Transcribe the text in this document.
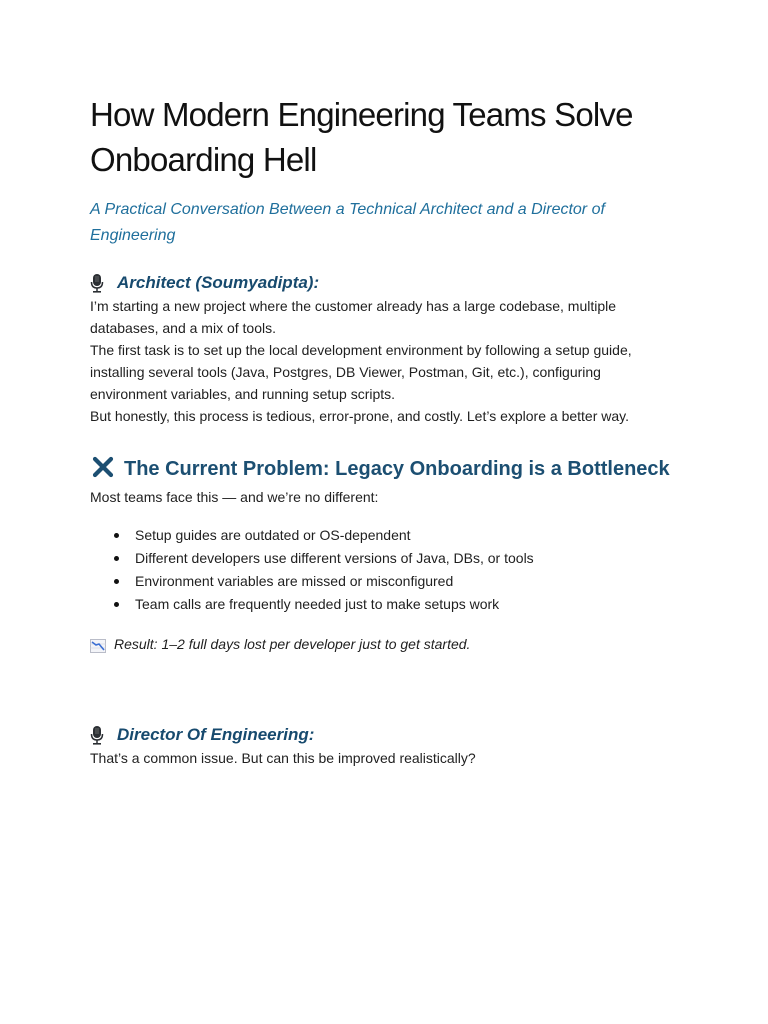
How Modern Engineering Teams Solve Onboarding Hell

A Practical Conversation Between a Technical Architect and a Director of Engineering

Architect (Soumyadipta):

I’m starting a new project where the customer already has a large codebase, multiple databases, and a mix of tools.

The first task is to set up the local development environment by following a setup guide, installing several tools (Java, Postgres, DB Viewer, Postman, Git, etc.), configuring environment variables, and running setup scripts.

But honestly, this process is tedious, error-prone, and costly. Let’s explore a better way.

The Current Problem: Legacy Onboarding is a Bottleneck

Most teams face this — and we’re no different:

Setup guides are outdated or OS-dependent
Different developers use different versions of Java, DBs, or tools
Environment variables are missed or misconfigured
Team calls are frequently needed just to make setups work
Result: 1–2 full days lost per developer just to get started.
Director Of Engineering:

That’s a common issue. But can this be improved realistically?
